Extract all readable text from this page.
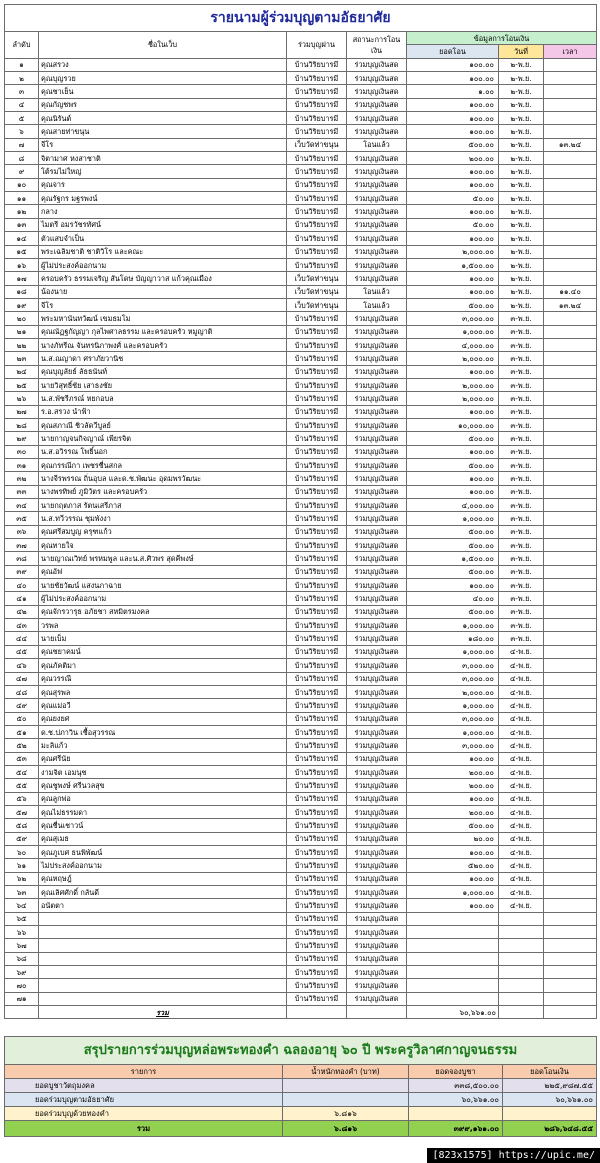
รายนามผู้ร่วมบุญตามอัธยาศัย						
ลำดับ	ชื่อในเว็บ	ร่วมบุญผ่าน	สถานะการโอนเงิน	ข้อมูลการโอนเงิน		
				ยอดโอน	วันที่	เวลา
๑	คุณสรวง	บ้านวิริยบารมี	ร่วมบุญเงินสด	๑๐๐.๐๐	๒-พ.ย.	
๒	คุณบุญรวย	บ้านวิริยบารมี	ร่วมบุญเงินสด	๑๐๐.๐๐	๒-พ.ย.	
๓	คุณชาเย็น	บ้านวิริยบารมี	ร่วมบุญเงินสด	๑.๐๐	๒-พ.ย.	
๔	คุณกัญชพร	บ้านวิริยบารมี	ร่วมบุญเงินสด	๑๐๐.๐๐	๒-พ.ย.	
๕	คุณนิรันต์	บ้านวิริยบารมี	ร่วมบุญเงินสด	๑๐๐.๐๐	๒-พ.ย.	
๖	คุณสายท่าขนุน	บ้านวิริยบารมี	ร่วมบุญเงินสด	๑๐๐.๐๐	๒-พ.ย.	
๗	จีโร	เว็บวัดท่าขนุน	โอนแล้ว	๕๐๐.๐๐	๒-พ.ย.	๑๓.๒๔
๘	จิตามาศ หงสาชาติ	บ้านวิริยบารมี	ร่วมบุญเงินสด	๒๐๐.๐๐	๒-พ.ย.	
๙	โต้รมไม่ใหญ่	บ้านวิริยบารมี	ร่วมบุญเงินสด	๑๐๐.๐๐	๒-พ.ย.	
๑๐	คุณจาร	บ้านวิริยบารมี	ร่วมบุญเงินสด	๑๐๐.๐๐	๒-พ.ย.	
๑๑	คุณรัฐกร มฐรพงน์	บ้านวิริยบารมี	ร่วมบุญเงินสด	๕๐.๐๐	๒-พ.ย.	
๑๒	กลาง	บ้านวิริยบารมี	ร่วมบุญเงินสด	๑๐๐.๐๐	๒-พ.ย.	
๑๓	ไมตรี อมรวัชรทัศน์	บ้านวิริยบารมี	ร่วมบุญเงินสด	๕๐.๐๐	๒-พ.ย.	
๑๔	ตัวแสบจำเป็น	บ้านวิริยบารมี	ร่วมบุญเงินสด	๑๐๐.๐๐	๒-พ.ย.	
๑๕	พระเฉลิมชาติ ชาติวิโร และคณะ	บ้านวิริยบารมี	ร่วมบุญเงินสด	๒,๐๐๐.๐๐	๒-พ.ย.	
๑๖	ผู้ไม่ประสงค์ออกนาม	บ้านวิริยบารมี	ร่วมบุญเงินสด	๑,๕๐๐.๐๐	๒-พ.ย.	
๑๗	ครอบครัว ธรรมเจริญ สันโดษ บัญญาวาส แก้วคุณเมือง	เว็บวัดท่าขนุน	ร่วมบุญเงินสด	๑๐๐.๐๐	๒-พ.ย.	
๑๘	น้องนาย	เว็บวัดท่าขนุน	โอนแล้ว	๑๐๐.๐๐	๒-พ.ย.	๑๑.๔๐
๑๙	จีโร	เว็บวัดท่าขนุน	โอนแล้ว	๕๐๐.๐๐	๒-พ.ย.	๑๓.๒๔
๒๐	พระมหานันทวัฒน์ เขมธมโม	บ้านวิริยบารมี	ร่วมบุญเงินสด	๓,๐๐๐.๐๐	๓-พ.ย.	
๒๑	คุณณัฏฐกัญญา กุลไพศาลธรรม และครอบครัว หมูญาติ	บ้านวิริยบารมี	ร่วมบุญเงินสด	๑,๐๐๐.๐๐	๓-พ.ย.	
๒๒	นางภัทรีณ จันทรนิภาพงศ์ และครอบครัว	บ้านวิริยบารมี	ร่วมบุญเงินสด	๔,๐๐๐.๐๐	๓-พ.ย.	
๒๓	น.ส.ณญาดา ศราภัยวานิช	บ้านวิริยบารมี	ร่วมบุญเงินสด	๒,๐๐๐.๐๐	๓-พ.ย.	
๒๔	คุณบุญลัยธ์ ลัธธนันท์	บ้านวิริยบารมี	ร่วมบุญเงินสด	๑๐๐.๐๐	๓-พ.ย.	
๒๕	นายวิสุทธิ์ชัย เสาธงชัย	บ้านวิริยบารมี	ร่วมบุญเงินสด	๒,๐๐๐.๐๐	๓-พ.ย.	
๒๖	น.ส.พัชรีภรณ์ หยกอบล	บ้านวิริยบารมี	ร่วมบุญเงินสด	๒,๐๐๐.๐๐	๓-พ.ย.	
๒๗	ร.อ.สรวง นำฟ้า	บ้านวิริยบารมี	ร่วมบุญเงินสด	๑๐๐.๐๐	๓-พ.ย.	
๒๘	คุณสภาณี ชิวลัดวีบูลย์	บ้านวิริยบารมี	ร่วมบุญเงินสด	๑๐,๐๐๐.๐๐	๓-พ.ย.	
๒๙	นายกาญจนกิจญาณ์ เพียรจิต	บ้านวิริยบารมี	ร่วมบุญเงินสด	๕๐๐.๐๐	๓-พ.ย.	
๓๐	น.ส.อวิรรณ โพธิ์นอก	บ้านวิริยบารมี	ร่วมบุญเงินสด	๑๐๐.๐๐	๓-พ.ย.	
๓๑	คุณกรรณีกา เพชรชื่นสกล	บ้านวิริยบารมี	ร่วมบุญเงินสด	๕๐๐.๐๐	๓-พ.ย.	
๓๒	นางจีรพรรณ ถิ่นอุบล และด.ช.พัฒนะ อุดมพรวัฒนะ	บ้านวิริยบารมี	ร่วมบุญเงินสด	๑๐๐.๐๐	๓-พ.ย.	
๓๓	นางพรทิพย์ ภูมิวัตร และครอบครัว	บ้านวิริยบารมี	ร่วมบุญเงินสด	๑๐๐.๐๐	๓-พ.ย.	
๓๔	นายกฤตภาส รัตนเสรีภาส	บ้านวิริยบารมี	ร่วมบุญเงินสด	๔,๐๐๐.๐๐	๓-พ.ย.	
๓๕	น.ส.ทวีวรรณ ชุมพังงา	บ้านวิริยบารมี	ร่วมบุญเงินสด	๑,๐๐๐.๐๐	๓-พ.ย.	
๓๖	คุณศรีสมบูญ ครุฑแก้ว	บ้านวิริยบารมี	ร่วมบุญเงินสด	๕๐๐.๐๐	๓-พ.ย.	
๓๗	คุณทายใจ	บ้านวิริยบารมี	ร่วมบุญเงินสด	๕๐๐.๐๐	๓-พ.ย.	
๓๘	นายญาณเวิทย์ พรหมพูล และน.ส.ศิวพร สุดคีพงษ์	บ้านวิริยบารมี	ร่วมบุญเงินสด	๑,๕๐๐.๐๐	๓-พ.ย.	
๓๙	คุณอัฟ	บ้านวิริยบารมี	ร่วมบุญเงินสด	๕๐๐.๐๐	๓-พ.ย.	
๔๐	นายชัยวัฒน์ แสงนภาฉาย	บ้านวิริยบารมี	ร่วมบุญเงินสด	๑๐๐.๐๐	๓-พ.ย.	
๔๑	ผู้ไม่ประสงค์ออกนาม	บ้านวิริยบารมี	ร่วมบุญเงินสด	๔๐.๐๐	๓-พ.ย.	
๔๒	คุณจักรวารุธ อภัยชา สหมิตรมงคล	บ้านวิริยบารมี	ร่วมบุญเงินสด	๕๐๐.๐๐	๓-พ.ย.	
๔๓	วรพล	บ้านวิริยบารมี	ร่วมบุญเงินสด	๑,๐๐๐.๐๐	๓-พ.ย.	
๔๔	นายเบ็ม	บ้านวิริยบารมี	ร่วมบุญเงินสด	๑๘๐.๐๐	๓-พ.ย.	
๔๕	คุณชยาคมน์	บ้านวิริยบารมี	ร่วมบุญเงินสด	๑,๐๐๐.๐๐	๔-พ.ย.	
๔๖	คุณภัคติมา	บ้านวิริยบารมี	ร่วมบุญเงินสด	๓,๐๐๐.๐๐	๔-พ.ย.	
๔๗	คุณวรรณี	บ้านวิริยบารมี	ร่วมบุญเงินสด	๓,๐๐๐.๐๐	๔-พ.ย.	
๔๘	คุณสุรพล	บ้านวิริยบารมี	ร่วมบุญเงินสด	๒,๐๐๐.๐๐	๔-พ.ย.	
๔๙	คุณแม่อวี	บ้านวิริยบารมี	ร่วมบุญเงินสด	๑,๐๐๐.๐๐	๔-พ.ย.	
๕๐	คุณยงยศ	บ้านวิริยบารมี	ร่วมบุญเงินสด	๓,๐๐๐.๐๐	๔-พ.ย.	
๕๑	ด.ช.ปภาวิน เชื้อสุวรรณ	บ้านวิริยบารมี	ร่วมบุญเงินสด	๑,๐๐๐.๐๐	๔-พ.ย.	
๕๒	มะลิแก้ว	บ้านวิริยบารมี	ร่วมบุญเงินสด	๓,๐๐๐.๐๐	๔-พ.ย.	
๕๓	คุณศรีนัย	บ้านวิริยบารมี	ร่วมบุญเงินสด	๑๐๐.๐๐	๔-พ.ย.	
๕๔	งามจิต เอมนุช	บ้านวิริยบารมี	ร่วมบุญเงินสด	๒๐๐.๐๐	๔-พ.ย.	
๕๕	คุณชูพงษ์ ศรีนวลสุข	บ้านวิริยบารมี	ร่วมบุญเงินสด	๒๐๐.๐๐	๔-พ.ย.	
๕๖	คุณลูกพ่อ	บ้านวิริยบารมี	ร่วมบุญเงินสด	๑๐๐.๐๐	๔-พ.ย.	
๕๗	คุณไม่ธรรมดา	บ้านวิริยบารมี	ร่วมบุญเงินสด	๒๐๐.๐๐	๔-พ.ย.	
๕๘	คุณชื่นเชาวน์	บ้านวิริยบารมี	ร่วมบุญเงินสด	๕๐๐.๐๐	๔-พ.ย.	
๕๙	คุณสุเมธ	บ้านวิริยบารมี	ร่วมบุญเงินสด	๒๐.๐๐	๔-พ.ย.	
๖๐	คุณภูเบศ ธนพิพัฒน์	บ้านวิริยบารมี	ร่วมบุญเงินสด	๑๐๐.๐๐	๔-พ.ย.	
๖๑	ไม่ประสงค์ออกนาม	บ้านวิริยบารมี	ร่วมบุญเงินสด	๕๒๐.๐๐	๔-พ.ย.	
๖๒	คุณหฤษฎ์	บ้านวิริยบารมี	ร่วมบุญเงินสด	๑๐๐.๐๐	๔-พ.ย.	
๖๓	คุณเลิศศักดิ์ กลันดี	บ้านวิริยบารมี	ร่วมบุญเงินสด	๑,๐๐๐.๐๐	๔-พ.ย.	
๖๔	อนัตตา	บ้านวิริยบารมี	ร่วมบุญเงินสด	๑๐๐.๐๐	๔-พ.ย.	
๖๕		บ้านวิริยบารมี	ร่วมบุญเงินสด			
๖๖		บ้านวิริยบารมี	ร่วมบุญเงินสด			
๖๗		บ้านวิริยบารมี	ร่วมบุญเงินสด			
๖๘		บ้านวิริยบารมี	ร่วมบุญเงินสด			
๖๙		บ้านวิริยบารมี	ร่วมบุญเงินสด			
๗๐		บ้านวิริยบารมี	ร่วมบุญเงินสด			
๗๑		บ้านวิริยบารมี	ร่วมบุญเงินสด			
	รวม			๖๐,๖๖๑.๐๐		
สรุปรายการร่วมบุญหล่อพระทองคำ ฉลองอายุ ๖๐ ปี พระครูวิลาศกาญจนธรรม			
รายการ	น้ำหนักทองคำ (บาท)	ยอดจองบูชา	ยอดโอนเงิน
ยอดบูชาวัตถุมงคล		๓๓๘,๕๐๐.๐๐	๒๒๕,๙๘๗.๕๕
ยอดร่วมบุญตามอัธยาศัย		๖๐,๖๖๑.๐๐	๖๐,๖๖๑.๐๐
ยอดร่วมบุญด้วยทองคำ	๖.๘๑๖		
รวม	๖.๘๑๖	๓๙๙,๑๖๑.๐๐	๒๘๖,๖๔๘.๕๕
[823x1575] https://upic.me/
